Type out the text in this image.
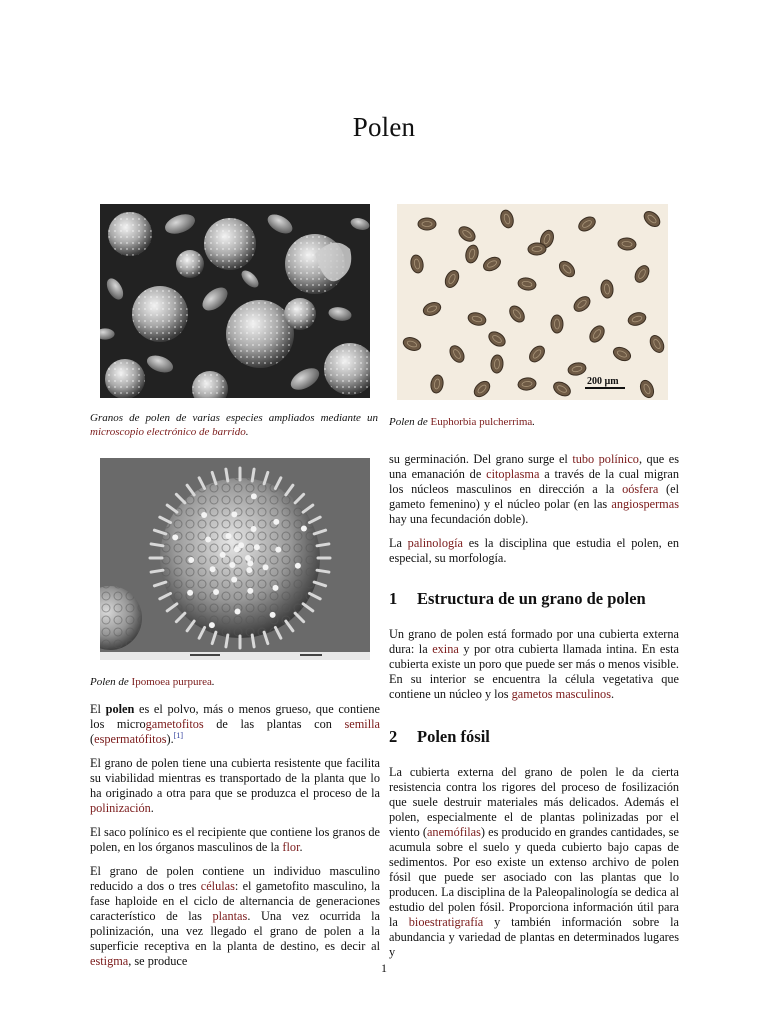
Polen
Granos de polen de varias especies ampliados mediante un microscopio electrónico de barrido.
200 µm
Polen de Euphorbia pulcherrima.
Polen de Ipomoea purpurea.

El polen es el polvo, más o menos grueso, que contiene los microgametofitos de las plantas con semilla (espermatófitos).[1]

El grano de polen tiene una cubierta resistente que facilita su viabilidad mientras es transportado de la planta que lo ha originado a otra para que se produzca el proceso de la polinización.

El saco polínico es el recipiente que contiene los granos de polen, en los órganos masculinos de la flor.

El grano de polen contiene un individuo masculino reducido a dos o tres células: el gametofito masculino, la fase haploide en el ciclo de alternancia de generaciones característico de las plantas. Una vez ocurrida la polinización, una vez llegado el grano de polen a la superficie receptiva en la planta de destino, es decir al estigma, se produce

su germinación. Del grano surge el tubo polínico, que es una emanación de citoplasma a través de la cual migran los núcleos masculinos en dirección a la oósfera (el gameto femenino) y el núcleo polar (en las angiospermas hay una fecundación doble).

La palinología es la disciplina que estudia el polen, en especial, su morfología.

1 Estructura de un grano de polen

Un grano de polen está formado por una cubierta externa dura: la exina y por otra cubierta llamada intina. En esta cubierta existe un poro que puede ser más o menos visible. En su interior se encuentra la célula vegetativa que contiene un núcleo y los gametos masculinos.

2 Polen fósil

La cubierta externa del grano de polen le da cierta resistencia contra los rigores del proceso de fosilización que suele destruir materiales más delicados. Además el polen, especialmente el de plantas polinizadas por el viento (anemófilas) es producido en grandes cantidades, se acumula sobre el suelo y queda cubierto bajo capas de sedimentos. Por eso existe un extenso archivo de polen fósil que puede ser asociado con las plantas que lo producen. La disciplina de la Paleopalinología se dedica al estudio del polen fósil. Proporciona información útil para la bioestratigrafía y también información sobre la abundancia y variedad de plantas en determinados lugares y

1
